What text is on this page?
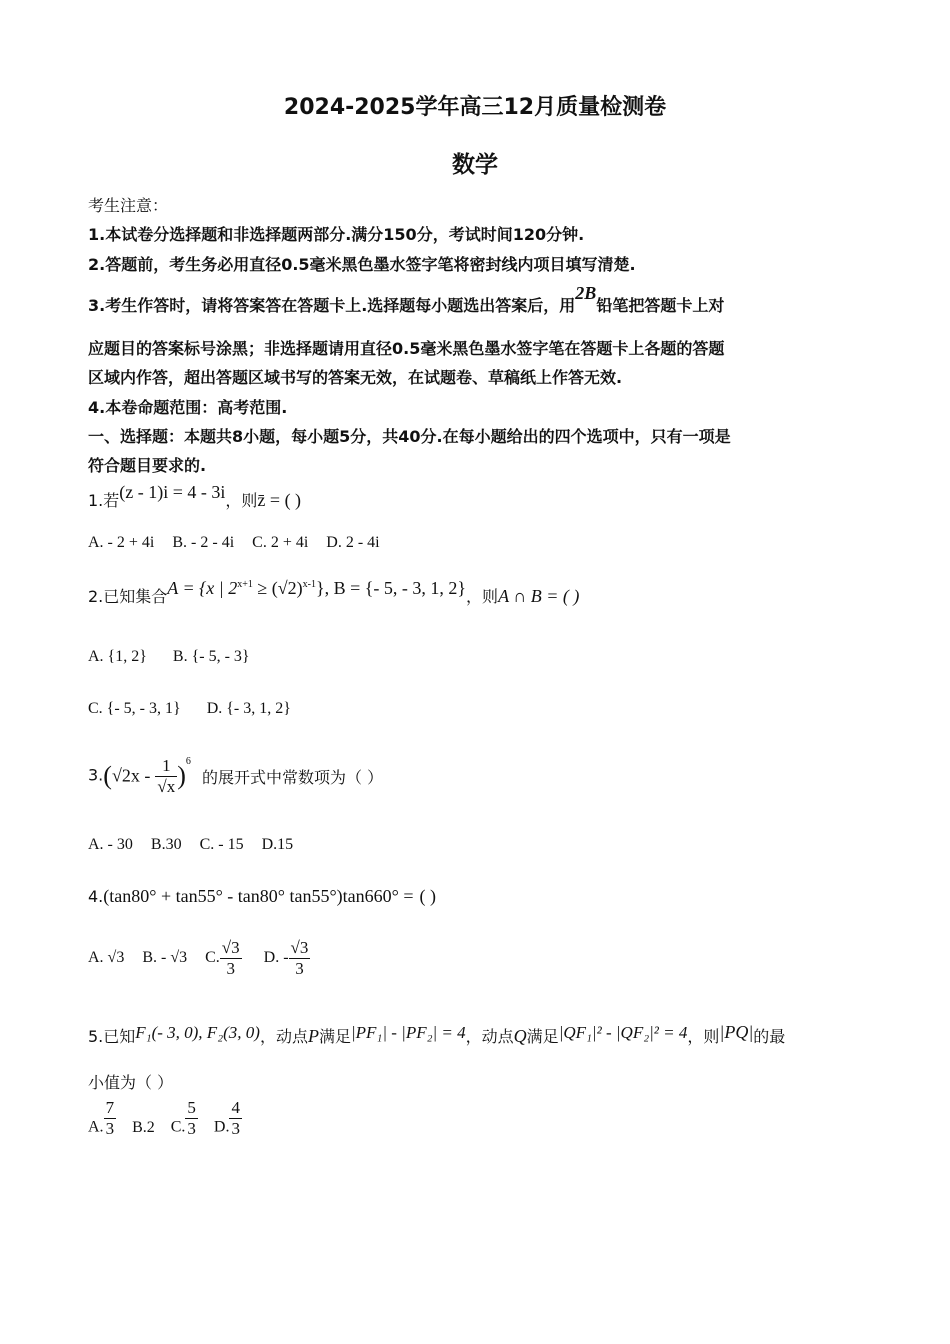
2024-2025学年高三12月质量检测卷
数学
考生注意：
1.本试卷分选择题和非选择题两部分.满分150分，考试时间120分钟.
2.答题前，考生务必用直径0.5毫米黑色墨水签字笔将密封线内项目填写清楚.
3.考生作答时，请将答案答在答题卡上.选择题每小题选出答案后，用2B铅笔把答题卡上对
应题目的答案标号涂黑；非选择题请用直径0.5毫米黑色墨水签字笔在答题卡上各题的答题
区域内作答，超出答题区域书写的答案无效，在试题卷、草稿纸上作答无效.
4.本卷命题范围：高考范围.
一、选择题：本题共8小题，每小题5分，共40分.在每小题给出的四个选项中，只有一项是
符合题目要求的.
1.若(z - 1)i = 4 - 3i，则z̄ = ( )
A. - 2 + 4i B. - 2 - 4i C. 2 + 4i D. 2 - 4i
2.已知集合A = {x | $2^{x+1} \ge (√2)^{x-1}$}, B = {- 5, - 3, 1, 2}，则A ∩ B = ( )
A. {1, 2} B. {- 5, - 3}
C. {- 5, - 3, 1} D. {- 3, 1, 2}
$3.(√2x - \frac{1}{√x} )^6$ 的展开式中常数项为（ ）
A. - 30 B.30 C. - 15 D.15
4.(tan80° + tan55° - tan80° tan55°)tan660° = ( )
A. √3 B. - √3 C. $\frac{√3}{3} D$. - $\frac{√3}{3}$
5.已知F₁(- 3, 0), F₂(3, 0)，动点P满足|PF₁| - |PF₂| = 4，动点Q满足|QF₁|² - |QF₂|² = 4，则|PQ|的最
小值为（ ）
A. $\frac{7}{3} B.2$ C. $\frac{5}{3} D$. $\frac{4}{3}$
